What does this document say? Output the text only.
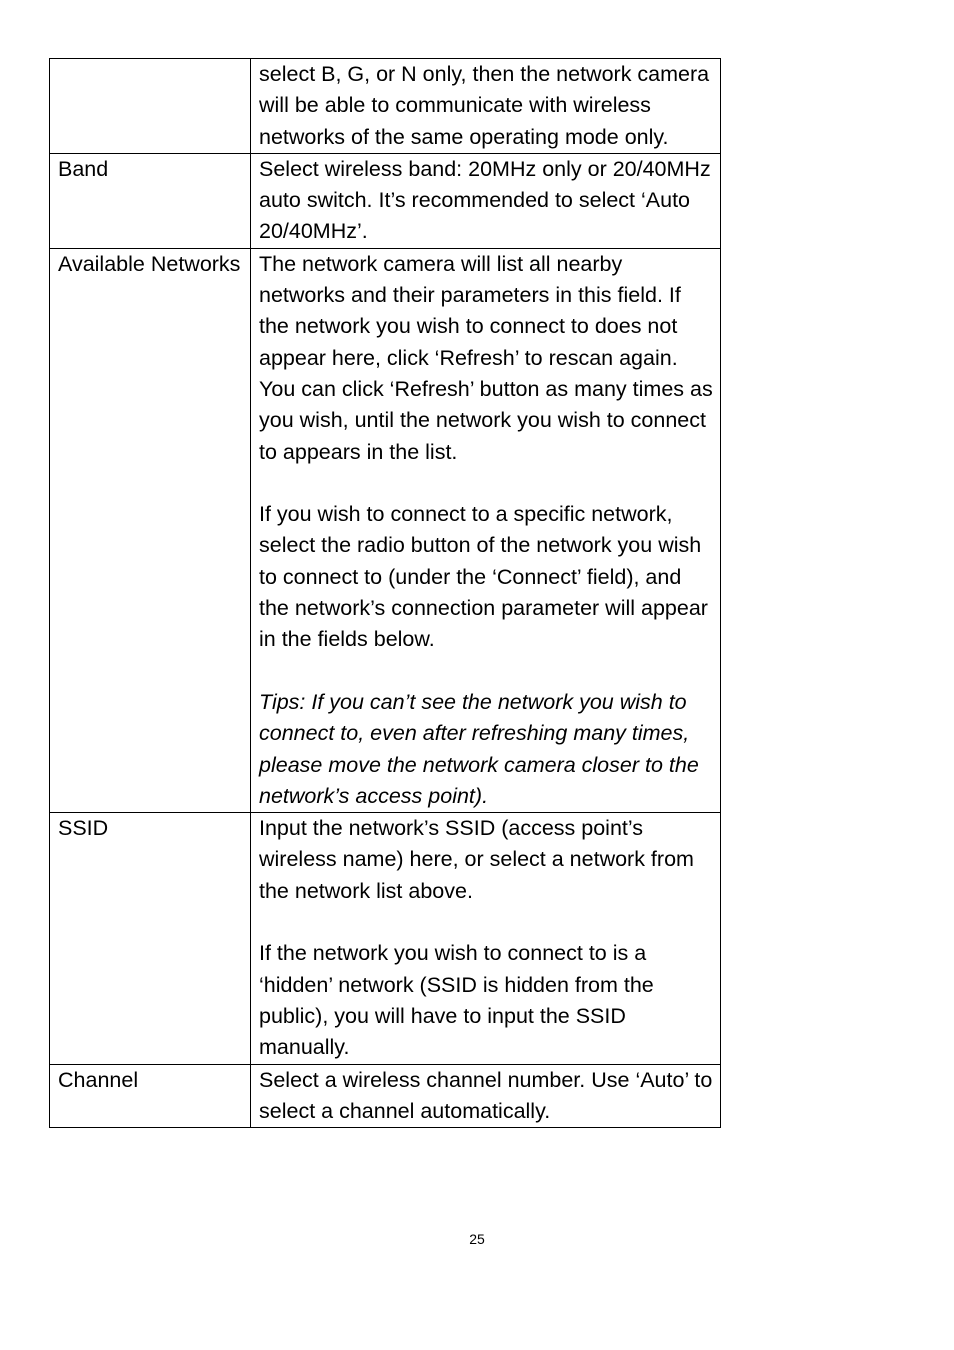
	select B, G, or N only, then the network camera will be able to communicate with wireless networks of the same operating mode only.

Band	Select wireless band: 20MHz only or 20/40MHz auto switch. It’s recommended to select ‘Auto 20/40MHz’.

Available Networks	The network camera will list all nearby networks and their parameters in this field. If the network you wish to connect to does not appear here, click ‘Refresh’ to rescan again. You can click ‘Refresh’ button as many times as you wish, until the network you wish to connect to appears in the list.

If you wish to connect to a specific network, select the radio button of the network you wish to connect to (under the ‘Connect’ field), and the network’s connection parameter will appear in the fields below.

Tips: If you can’t see the network you wish to connect to, even after refreshing many times, please move the network camera closer to the network’s access point).

SSID	Input the network’s SSID (access point’s wireless name) here, or select a network from the network list above.

If the network you wish to connect to is a ‘hidden’ network (SSID is hidden from the public), you will have to input the SSID manually.

Channel	Select a wireless channel number. Use ‘Auto’ to select a channel automatically.

25
